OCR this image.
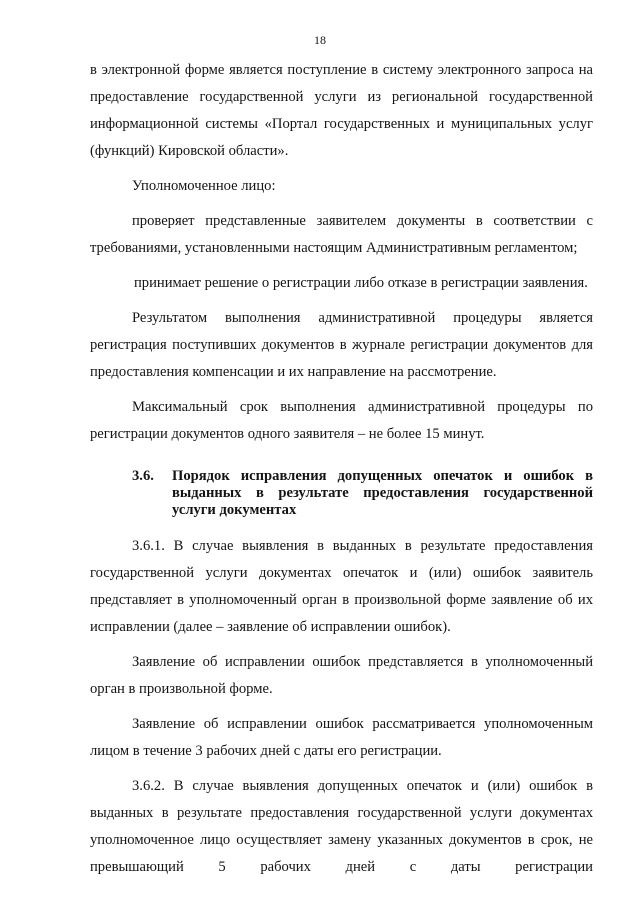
18

в электронной форме является поступление в систему электронного запроса на предоставление государственной услуги из региональной государственной информационной системы «Портал государственных и муниципальных услуг (функций) Кировской области».

Уполномоченное лицо:

проверяет представленные заявителем документы в соответствии с требованиями, установленными настоящим Административным регламентом;

принимает решение о регистрации либо отказе в регистрации заявления.

Результатом выполнения административной процедуры является регистрация поступивших документов в журнале регистрации документов для предоставления компенсации и их направление на рассмотрение.

Максимальный срок выполнения административной процедуры по регистрации документов одного заявителя – не более 15 минут.

3.6.	Порядок исправления допущенных опечаток и ошибок в выданных в результате предоставления государственной услуги документах

3.6.1. В случае выявления в выданных в результате предоставления государственной услуги документах опечаток и (или) ошибок заявитель представляет в уполномоченный орган в произвольной форме заявление об их исправлении (далее – заявление об исправлении ошибок).

Заявление об исправлении ошибок представляется в уполномоченный орган в произвольной форме.

Заявление об исправлении ошибок рассматривается уполномоченным лицом в течение 3 рабочих дней с даты его регистрации.

3.6.2. В случае выявления допущенных опечаток и (или) ошибок в выданных в результате предоставления государственной услуги документах уполномоченное лицо осуществляет замену указанных документов в срок, не превышающий 5 рабочих дней с даты регистрации
